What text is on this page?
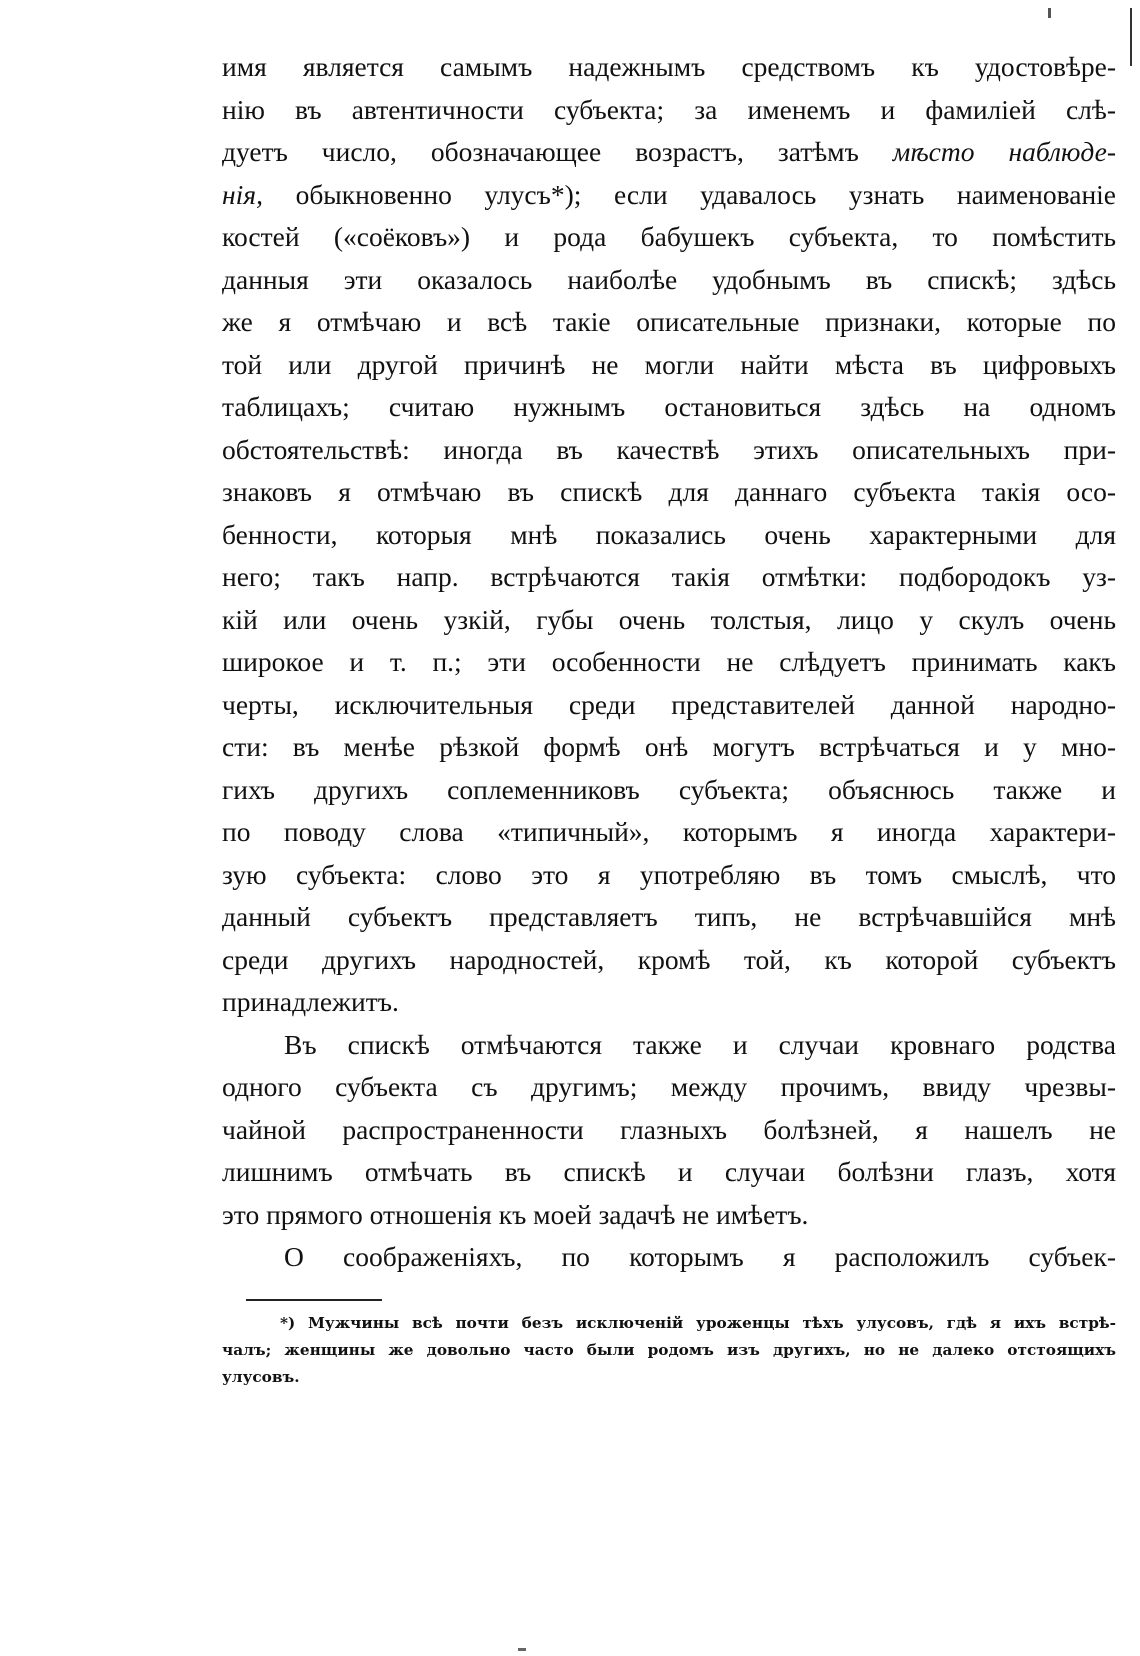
имя является самымъ надежнымъ средствомъ къ удостовѣре-
нію въ автентичности субъекта; за именемъ и фамиліей слѣ-
дуетъ число, обозначающее возрастъ, затѣмъ мѣсто наблюде-
нія, обыкновенно улусъ*); если удавалось узнать наименованіе
костей («соёковъ») и рода бабушекъ субъекта, то помѣстить
данныя эти оказалось наиболѣе удобнымъ въ спискѣ; здѣсь
же я отмѣчаю и всѣ такіе описательные признаки, которые по
той или другой причинѣ не могли найти мѣста въ цифровыхъ
таблицахъ; считаю нужнымъ остановиться здѣсь на одномъ
обстоятельствѣ: иногда въ качествѣ этихъ описательныхъ при-
знаковъ я отмѣчаю въ спискѣ для даннаго субъекта такія осо-
бенности, которыя мнѣ показались очень характерными для
него; такъ напр. встрѣчаются такія отмѣтки: подбородокъ уз-
кій или очень узкій, губы очень толстыя, лицо у скулъ очень
широкое и т. п.; эти особенности не слѣдуетъ принимать какъ
черты, исключительныя среди представителей данной народно-
сти: въ менѣе рѣзкой формѣ онѣ могутъ встрѣчаться и у мно-
гихъ другихъ соплеменниковъ субъекта; объяснюсь также и
по поводу слова «типичный», которымъ я иногда характери-
зую субъекта: слово это я употребляю въ томъ смыслѣ, что
данный субъектъ представляетъ типъ, не встрѣчавшійся мнѣ
среди другихъ народностей, кромѣ той, къ которой субъектъ
принадлежитъ.
Въ спискѣ отмѣчаются также и случаи кровнаго родства
одного субъекта съ другимъ; между прочимъ, ввиду чрезвы-
чайной распространенности глазныхъ болѣзней, я нашелъ не
лишнимъ отмѣчать въ спискѣ и случаи болѣзни глазъ, хотя
это прямого отношенія къ моей задачѣ не имѣетъ.
О соображеніяхъ, по которымъ я расположилъ субъек-
*) Мужчины всѣ почти безъ исключеній уроженцы тѣхъ улусовъ, гдѣ я ихъ встрѣ-
чалъ; женщины же довольно часто были родомъ изъ другихъ, но не далеко отстоящихъ
улусовъ.
